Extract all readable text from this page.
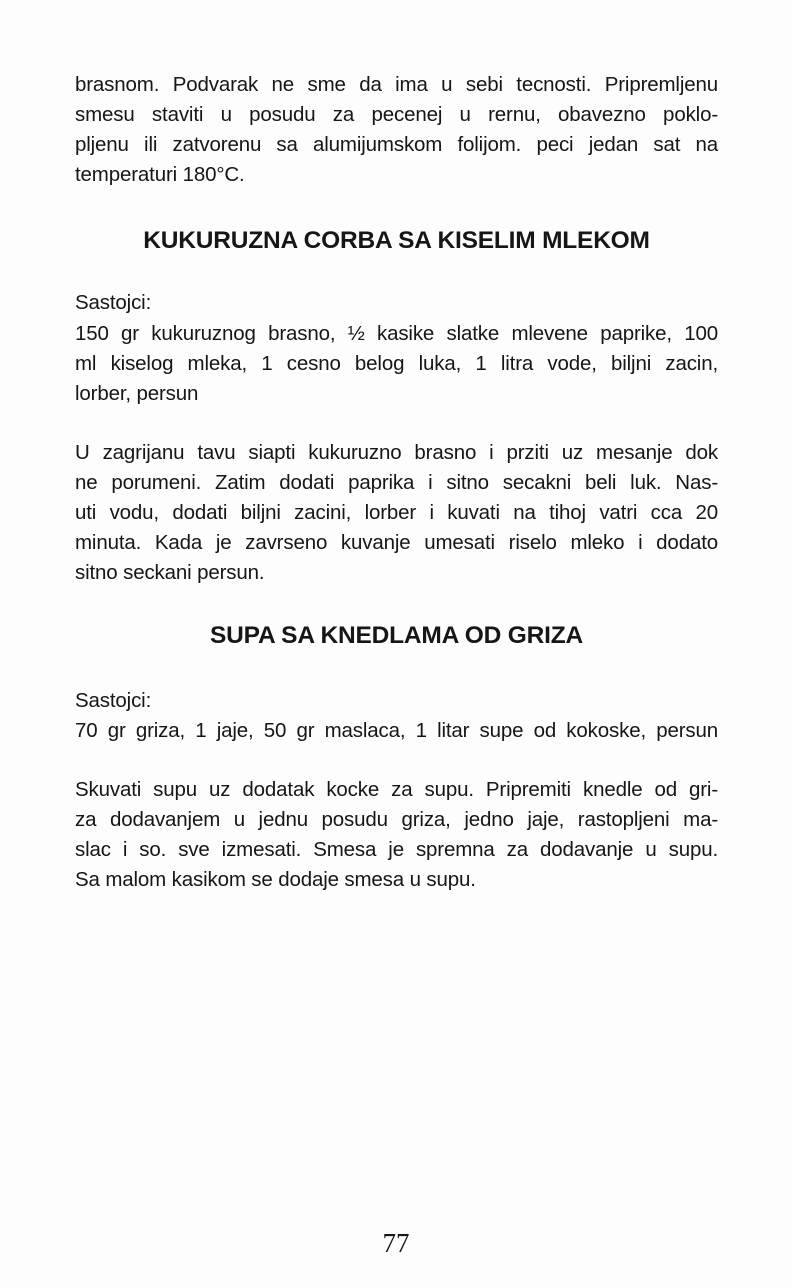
brasnom. Podvarak ne sme da ima u sebi tecnosti. Pripremljenu
smesu staviti u posudu za pecenej u rernu, obavezno poklo-
pljenu ili zatvorenu sa alumijumskom folijom. peci jedan sat na
temperaturi 180°C.
KUKURUZNA CORBA SA KISELIM MLEKOM
Sastojci:
150 gr kukuruznog brasno, ½ kasike slatke mlevene paprike, 100
ml kiselog mleka, 1 cesno belog luka, 1 litra vode, biljni zacin,
lorber, persun
U zagrijanu tavu siapti kukuruzno brasno i prziti uz mesanje dok
ne porumeni. Zatim dodati paprika i sitno secakni beli luk. Nas-
uti vodu, dodati biljni zacini, lorber i kuvati na tihoj vatri cca 20
minuta. Kada je zavrseno kuvanje umesati riselo mleko i dodato
sitno seckani persun.
SUPA SA KNEDLAMA OD GRIZA
Sastojci:
70 gr griza, 1 jaje, 50 gr maslaca, 1 litar supe od kokoske, persun
Skuvati supu uz dodatak kocke za supu. Pripremiti knedle od gri-
za dodavanjem u jednu posudu griza, jedno jaje, rastopljeni ma-
slac i so. sve izmesati. Smesa je spremna za dodavanje u supu.
Sa malom kasikom se dodaje smesa u supu.
77
